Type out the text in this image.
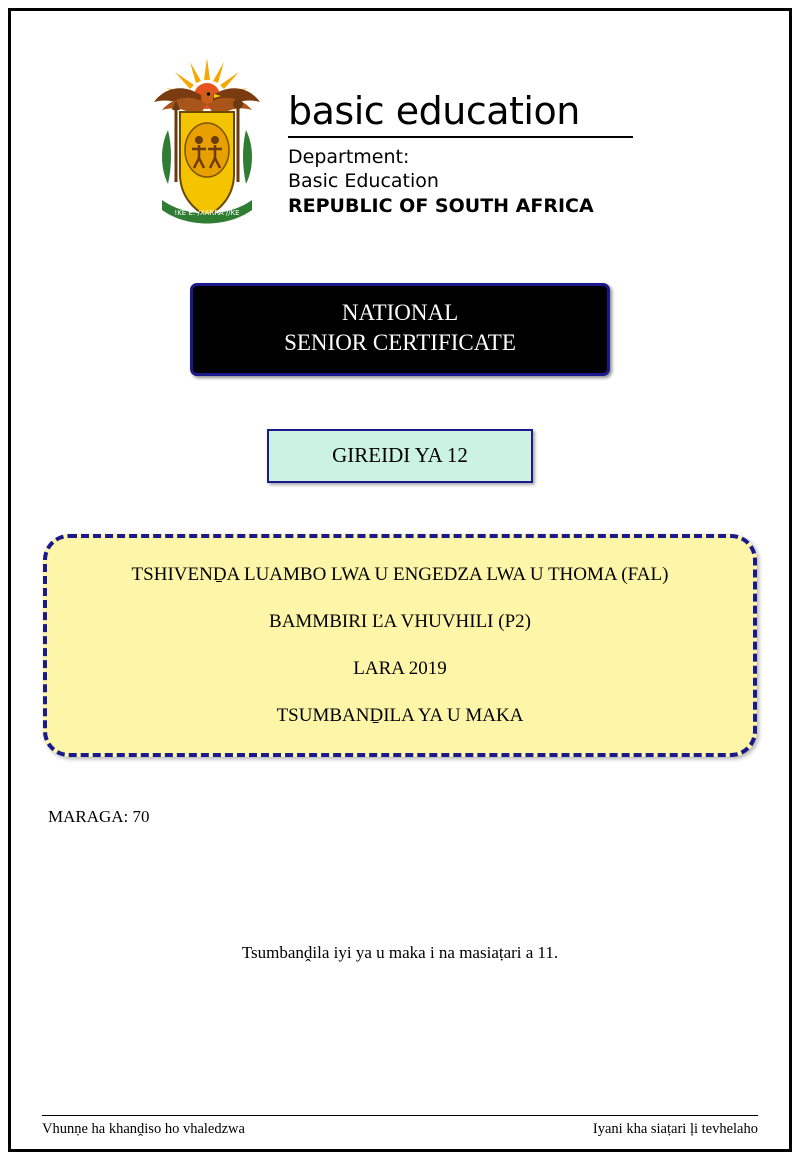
!KE E: /XARRA //KE
basic education
Department:
Basic Education
REPUBLIC OF SOUTH AFRICA
NATIONAL
SENIOR CERTIFICATE
GIREIDI YA 12

TSHIVENḎA LUAMBO LWA U ENGEDZA LWA U THOMA (FAL)

BAMMBIRI ĽA VHUVHILI (P2)

LARA 2019

TSUMBANḎILA YA U MAKA

MARAGA: 70
Tsumbanḓila iyi ya u maka i na masiaṭari a 11.
Vhunṇe ha khanḓiso ho vhaledzwa	Iyani kha siaṭari ļi tevhelaho
